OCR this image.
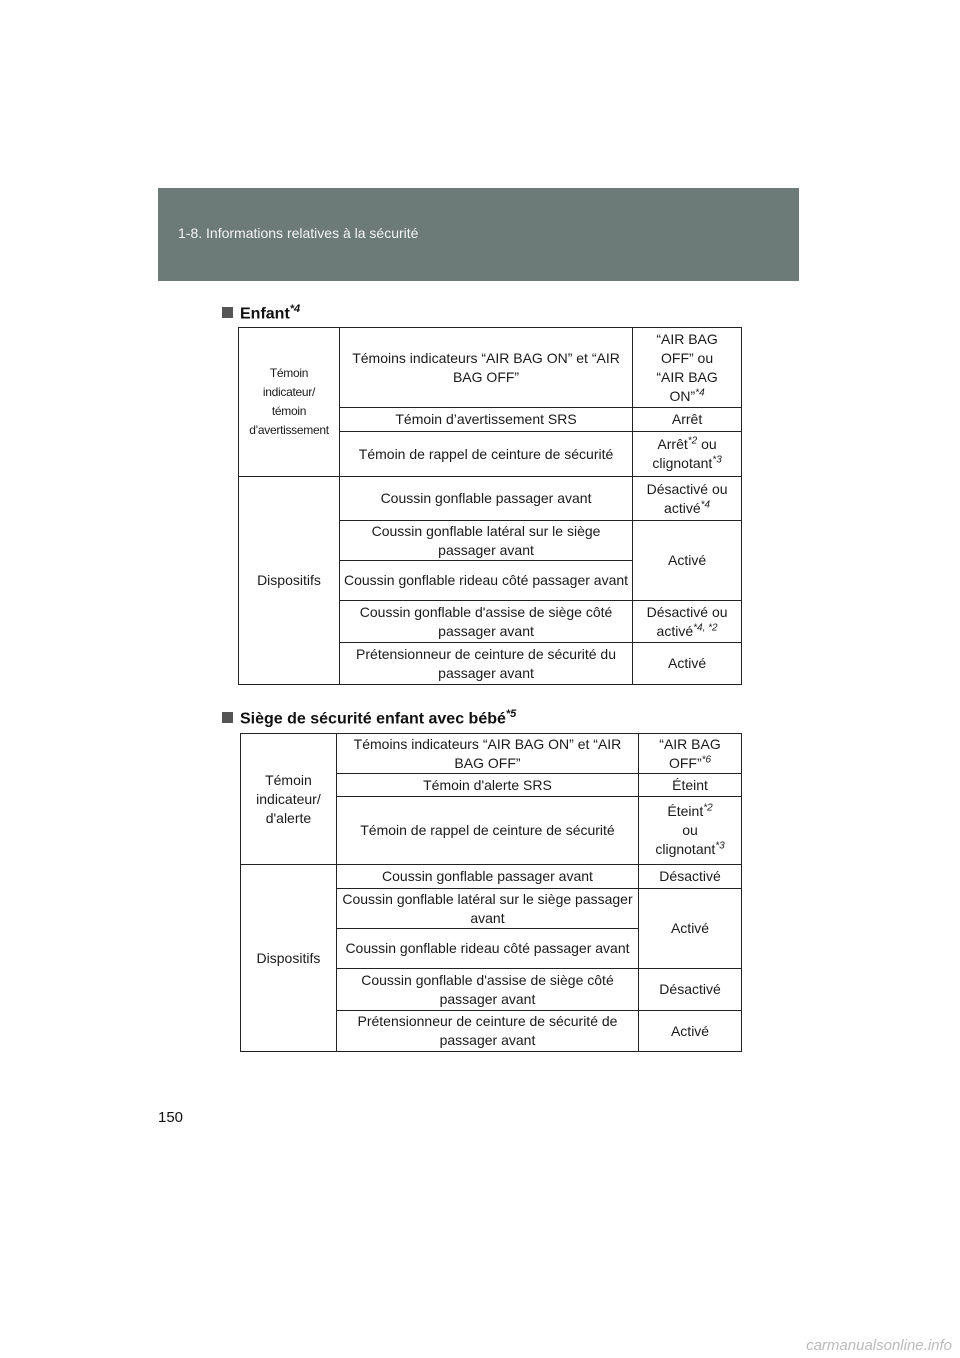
1-8. Informations relatives à la sécurité
Enfant$^{*4}$
Témoin
indicateur/
témoin
d’avertissement	Témoins indicateurs “AIR BAG ON” et “AIR BAG OFF”	“AIR BAG
OFF” ou
“AIR BAG
ON”$^{*4}$
	Témoin d’avertissement SRS	Arrêt
	Témoin de rappel de ceinture de sécurité	Arrêt$^{*2}$ ou
clignotant$^{*3}$
Dispositifs	Coussin gonflable passager avant	Désactivé ou
activé$^{*4}$
	Coussin gonflable latéral sur le siège passager avant	Activé
	Coussin gonflable rideau côté passager avant	
	Coussin gonflable d'assise de siège côté passager avant	Désactivé ou
activé$^{*4, *2}$
	Prétensionneur de ceinture de sécurité du passager avant	Activé
Siège de sécurité enfant avec bébé$^{*5}$
Témoin
indicateur/
d'alerte	Témoins indicateurs “AIR BAG ON” et “AIR BAG OFF”	“AIR BAG
OFF”$^{*6}$
	Témoin d'alerte SRS	Éteint
	Témoin de rappel de ceinture de sécurité	Éteint$^{*2}$
ou
clignotant$^{*3}$
Dispositifs	Coussin gonflable passager avant	Désactivé
	Coussin gonflable latéral sur le siège passager avant	Activé
	Coussin gonflable rideau côté passager avant	
	Coussin gonflable d'assise de siège côté passager avant	Désactivé
	Prétensionneur de ceinture de sécurité de passager avant	Activé
150
carmanualsonline.info
